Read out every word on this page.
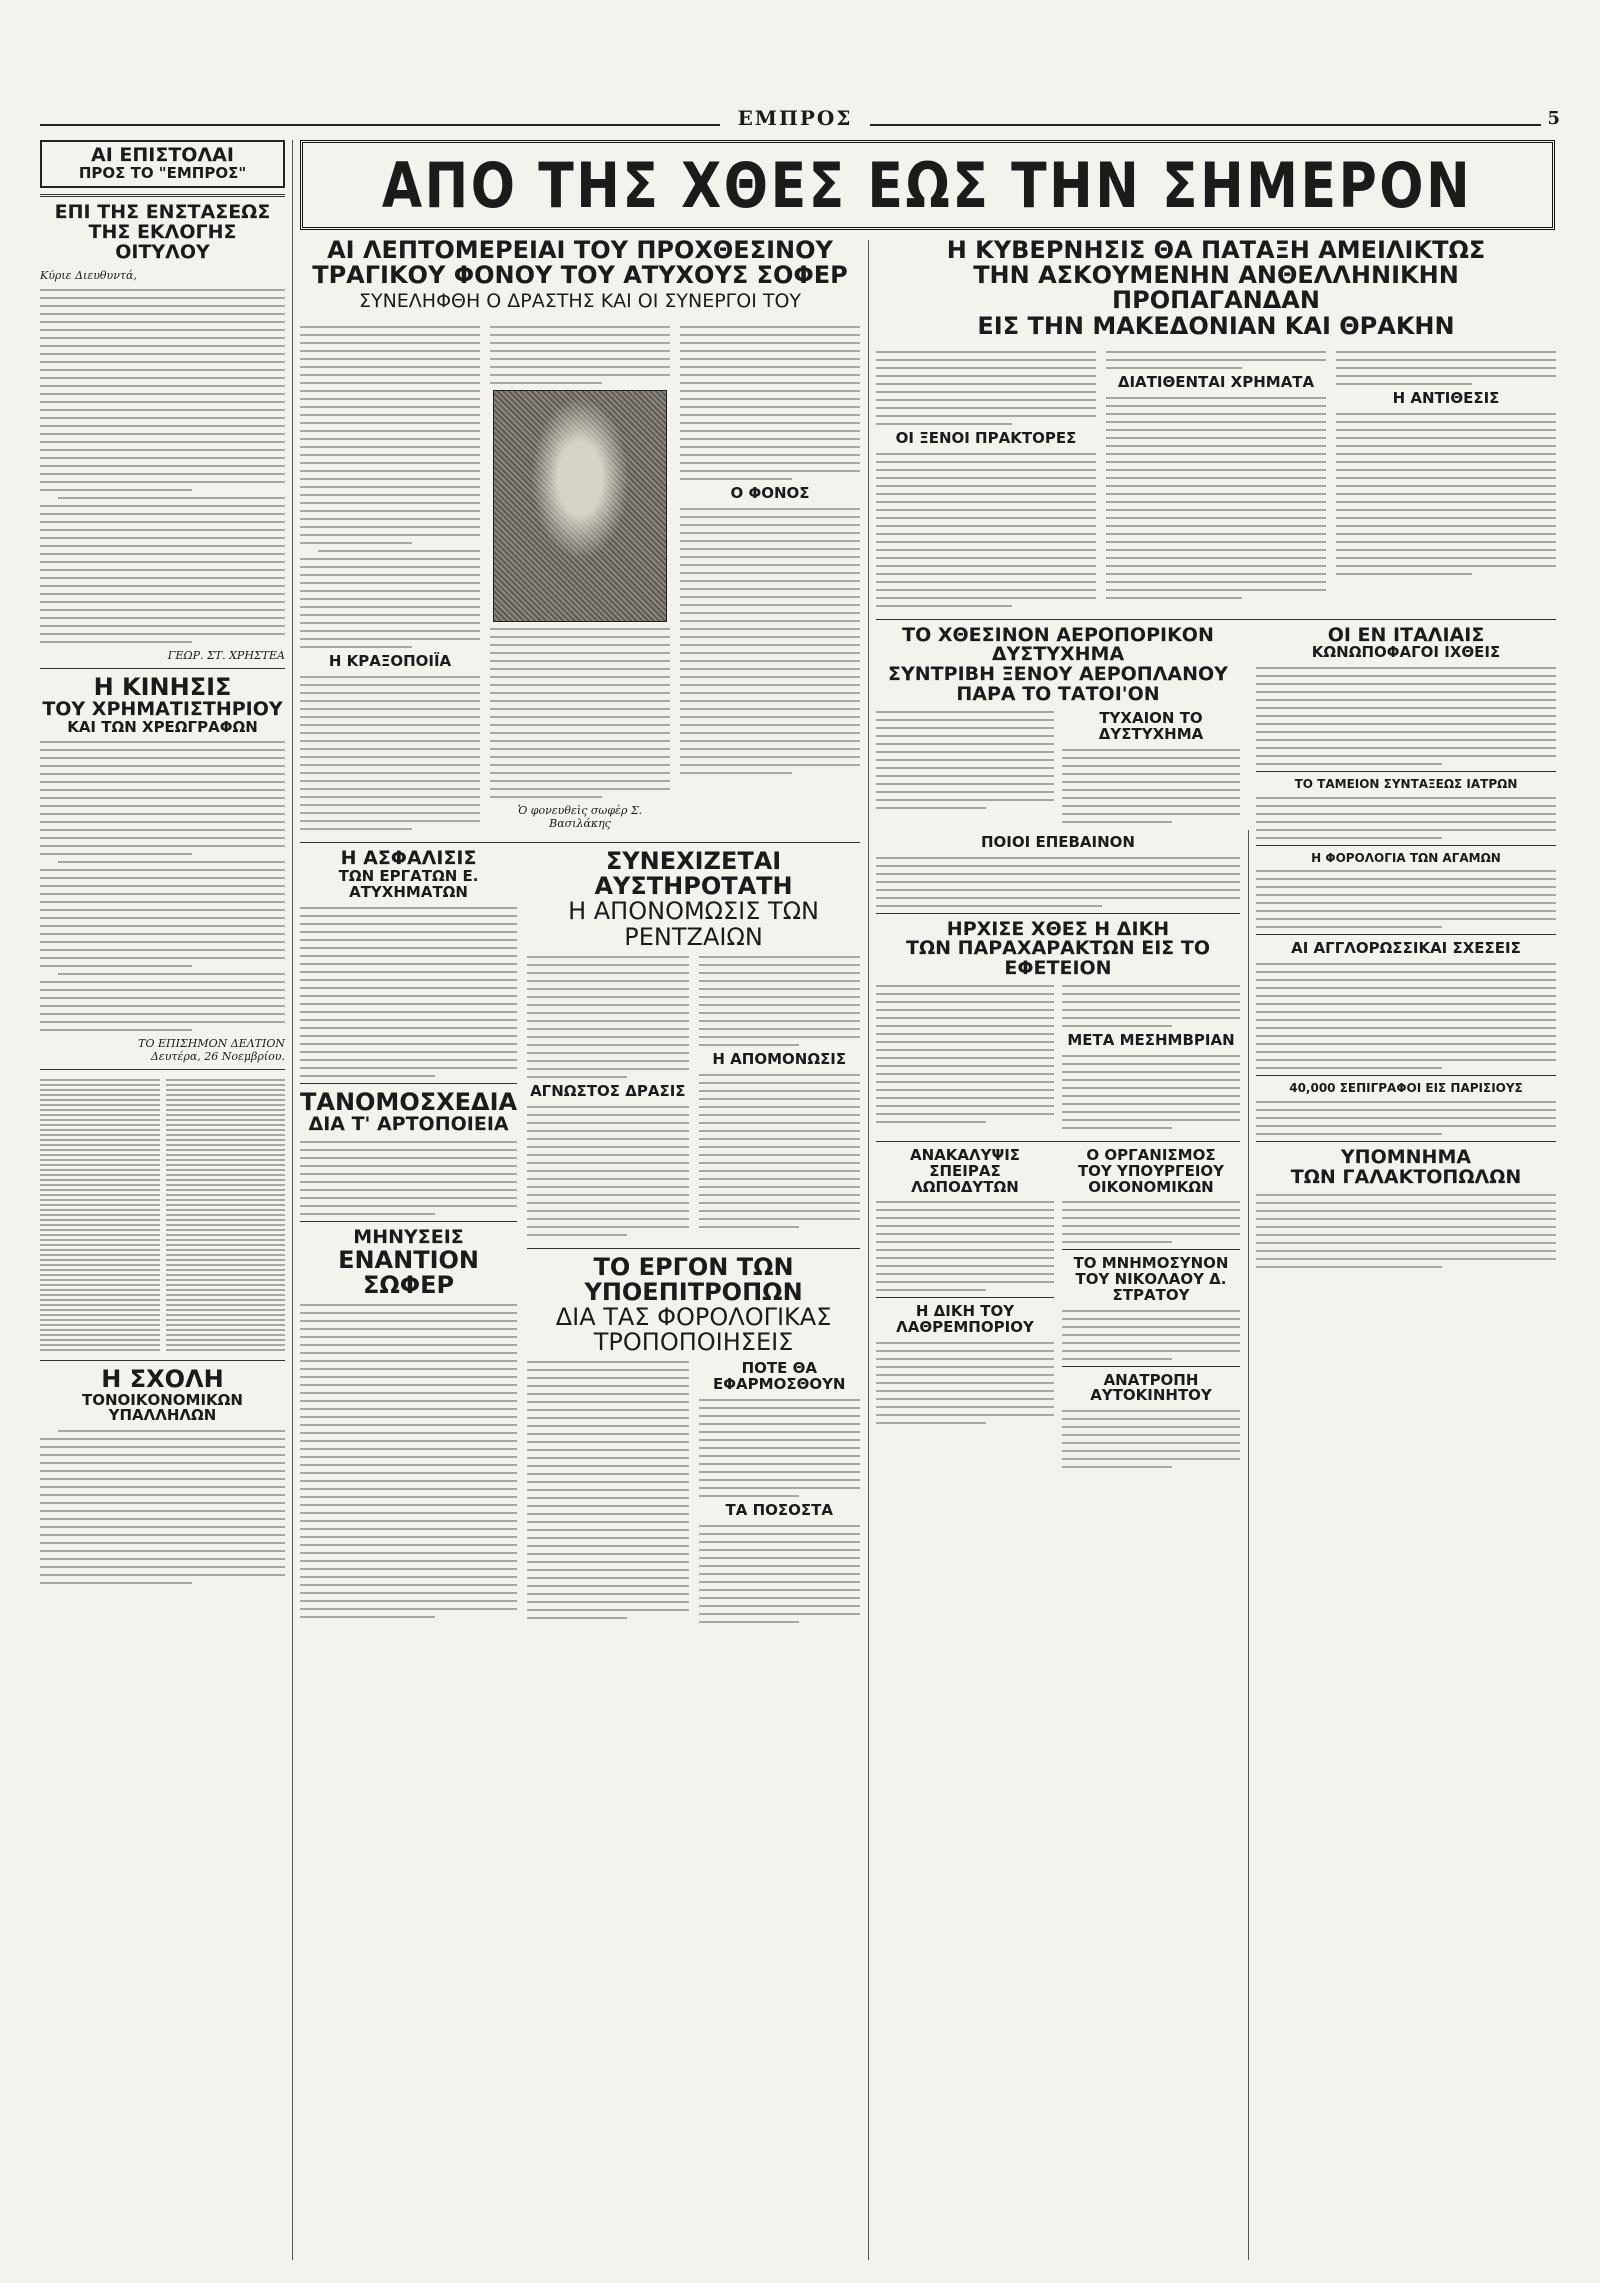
ΕΜΠΡΟΣ	5
ΑΠΟ ΤΗΣ ΧΘΕΣ ΕΩΣ ΤΗΝ ΣΗΜΕΡΟΝ
ΑΙ ΕΠΙΣΤΟΛΑΙ
ΠΡΟΣ ΤΟ "ΕΜΠΡΟΣ"
ΕΠΙ ΤΗΣ ΕΝΣΤΑΣΕΩΣ
ΤΗΣ ΕΚΛΟΓΗΣ ΟΙΤΥΛΟΥ
Κύριε Διευθυντά,
ΓΕΩΡ. ΣΤ. ΧΡΗΣΤΕΑ
Η ΚΙΝΗΣΙΣ
ΤΟΥ ΧΡΗΜΑΤΙΣΤΗΡΙΟΥ
ΚΑΙ ΤΩΝ ΧΡΕΩΓΡΑΦΩΝ
ΤΟ ΕΠΙΣΗΜΟΝ ΔΕΛΤΙΟΝ
Δευτέρα, 26 Νοεμβρίου.
Η ΣΧΟΛΗ
ΤΟΝΟΙΚΟΝΟΜΙΚΩΝ ΥΠΑΛΛΗΛΩΝ
ΑΙ ΛΕΠΤΟΜΕΡΕΙΑΙ ΤΟΥ ΠΡΟΧΘΕΣΙΝΟΥ
ΤΡΑΓΙΚΟΥ ΦΟΝΟΥ ΤΟΥ ΑΤΥΧΟΥΣ ΣΟΦΕΡ
ΣΥΝΕΛΗΦΘΗ Ο ΔΡΑΣΤΗΣ ΚΑΙ ΟΙ ΣΥΝΕΡΓΟΙ ΤΟΥ
Η ΚΡΑΞΟΠΟΙΪΑ
Ὁ φονευθεὶς σωφὲρ Σ. Βασιλάκης
Ο ΦΟΝΟΣ
Η ΑΣΦΑΛΙΣΙΣ
ΤΩΝ ΕΡΓΑΤΩΝ Ε. ΑΤΥΧΗΜΑΤΩΝ
ΤΑΝΟΜΟΣΧΕΔΙΑ
ΔΙΑ Τ' ΑΡΤΟΠΟΙΕΙΑ
ΜΗΝΥΣΕΙΣ
ΕΝΑΝΤΙΟΝ ΣΩΦΕΡ
ΣΥΝΕΧΙΖΕΤΑΙ ΑΥΣΤΗΡΟΤΑΤΗ
Η ΑΠΟΝΟΜΩΣΙΣ ΤΩΝ ΡΕΝΤΖΑΙΩΝ
ΑΓΝΩΣΤΟΣ ΔΡΑΣΙΣ
Η ΑΠΟΜΟΝΩΣΙΣ
ΤΟ ΕΡΓΟΝ ΤΩΝ ΥΠΟΕΠΙΤΡΟΠΩΝ
ΔΙΑ ΤΑΣ ΦΟΡΟΛΟΓΙΚΑΣ ΤΡΟΠΟΠΟΙΗΣΕΙΣ
ΠΟΤΕ ΘΑ ΕΦΑΡΜΟΣΘΟΥΝ
ΤΑ ΠΟΣΟΣΤΑ
Η ΚΥΒΕΡΝΗΣΙΣ ΘΑ ΠΑΤΑΞΗ ΑΜΕΙΛΙΚΤΩΣ
ΤΗΝ ΑΣΚΟΥΜΕΝΗΝ ΑΝΘΕΛΛΗΝΙΚΗΝ ΠΡΟΠΑΓΑΝΔΑΝ
ΕΙΣ ΤΗΝ ΜΑΚΕΔΟΝΙΑΝ ΚΑΙ ΘΡΑΚΗΝ
ΟΙ ΞΕΝΟΙ ΠΡΑΚΤΟΡΕΣ
ΔΙΑΤΙΘΕΝΤΑΙ ΧΡΗΜΑΤΑ
Η ΑΝΤΙΘΕΣΙΣ
ΤΟ ΧΘΕΣΙΝΟΝ ΑΕΡΟΠΟΡΙΚΟΝ ΔΥΣΤΥΧΗΜΑ
ΣΥΝΤΡΙΒΗ ΞΕΝΟΥ ΑΕΡΟΠΛΑΝΟΥ ΠΑΡΑ ΤΟ ΤΑΤΟΙ'ΟΝ
ΤΥΧΑΙΟΝ ΤΟ ΔΥΣΤΥΧΗΜΑ
ΠΟΙΟΙ ΕΠΕΒΑΙΝΟΝ
ΗΡΧΙΣΕ ΧΘΕΣ Η ΔΙΚΗ
ΤΩΝ ΠΑΡΑΧΑΡΑΚΤΩΝ ΕΙΣ ΤΟ ΕΦΕΤΕΙΟΝ
ΜΕΤΑ ΜΕΣΗΜΒΡΙΑΝ
ΑΝΑΚΑΛΥΨΙΣ
ΣΠΕΙΡΑΣ ΛΩΠΟΔΥΤΩΝ
Η ΔΙΚΗ ΤΟΥ ΛΑΘΡΕΜΠΟΡΙΟΥ
Ο ΟΡΓΑΝΙΣΜΟΣ
ΤΟΥ ΥΠΟΥΡΓΕΙΟΥ ΟΙΚΟΝΟΜΙΚΩΝ
ΤΟ ΜΝΗΜΟΣΥΝΟΝ
ΤΟΥ ΝΙΚΟΛΑΟΥ Δ. ΣΤΡΑΤΟΥ
ΑΝΑΤΡΟΠΗ ΑΥΤΟΚΙΝΗΤΟΥ
ΟΙ ΕΝ ΙΤΑΛΙΑΙΣ
ΚΩΝΩΠΟΦΑΓΟΙ ΙΧΘΕΙΣ
ΤΟ ΤΑΜΕΙΟΝ ΣΥΝΤΑΞΕΩΣ ΙΑΤΡΩΝ
Η ΦΟΡΟΛΟΓΙΑ ΤΩΝ ΑΓΑΜΩΝ
ΑΙ ΑΓΓΛΟΡΩΣΣΙΚΑΙ ΣΧΕΣΕΙΣ
40,000 ΣΕΠΙΓΡΑΦΟΙ ΕΙΣ ΠΑΡΙΣΙΟΥΣ
ΥΠΟΜΝΗΜΑ
ΤΩΝ ΓΑΛΑΚΤΟΠΩΛΩΝ
